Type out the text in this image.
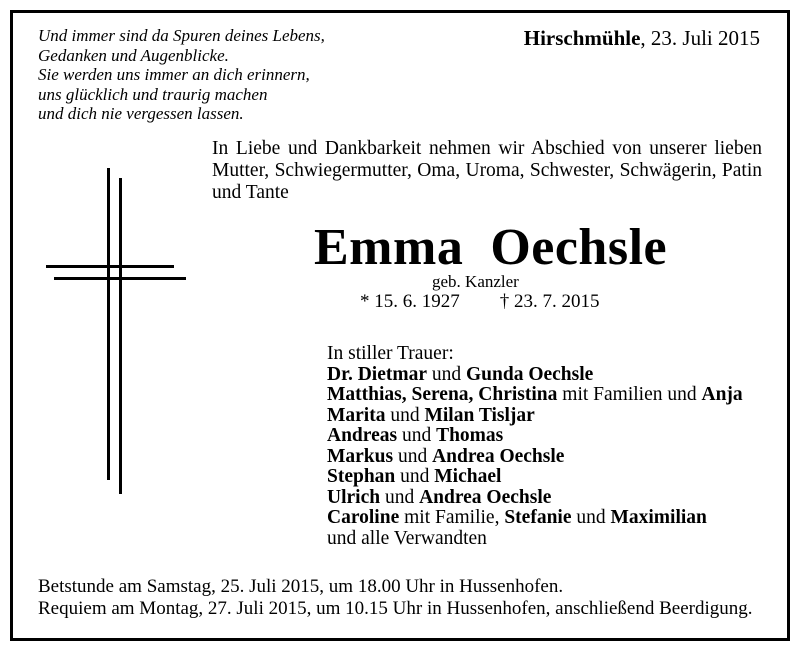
Und immer sind da Spuren deines Lebens,
Gedanken und Augenblicke.
Sie werden uns immer an dich erinnern,
uns glücklich und traurig machen
und dich nie vergessen lassen.
Hirschmühle, 23. Juli 2015
In Liebe und Dankbarkeit nehmen wir Abschied von unserer lieben Mutter, Schwiegermutter, Oma, Uroma, Schwester, Schwägerin, Patin und Tante
Emma  Oechsle
geb. Kanzler
* 15. 6. 1927 † 23. 7. 2015
In stiller Trauer:
Dr. Dietmar und Gunda Oechsle
Matthias, Serena, Christina mit Familien und Anja
Marita und Milan Tisljar
Andreas und Thomas
Markus und Andrea Oechsle
Stephan und Michael
Ulrich und Andrea Oechsle
Caroline mit Familie, Stefanie und Maximilian
und alle Verwandten
Betstunde am Samstag, 25. Juli 2015, um 18.00 Uhr in Hussenhofen.
Requiem am Montag, 27. Juli 2015, um 10.15 Uhr in Hussenhofen, anschließend Beerdigung.
